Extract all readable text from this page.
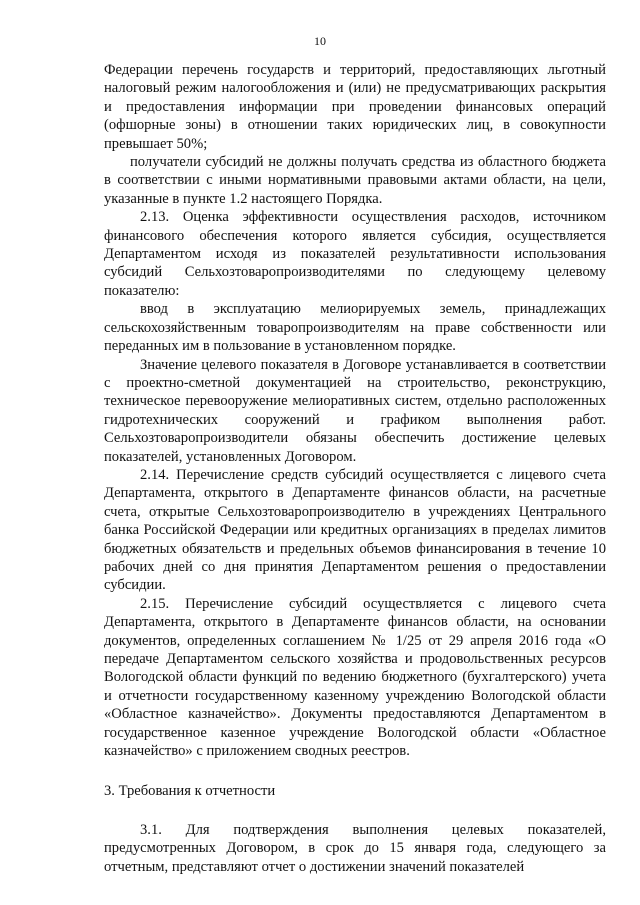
10

Федерации перечень государств и территорий, предоставляющих льготный налоговый режим налогообложения и (или) не предусматривающих раскрытия и предоставления информации при проведении финансовых операций (офшорные зоны) в отношении таких юридических лиц, в совокупности превышает 50%;

получатели субсидий не должны получать средства из областного бюджета в соответствии с иными нормативными правовыми актами области, на цели, указанные в пункте 1.2 настоящего Порядка.

2.13. Оценка эффективности осуществления расходов, источником финансового обеспечения которого является субсидия, осуществляется Департаментом исходя из показателей результативности использования субсидий Сельхозтоваропроизводителями по следующему целевому показателю:

ввод в эксплуатацию мелиорируемых земель, принадлежащих сельскохозяйственным товаропроизводителям на праве собственности или переданных им в пользование в установленном порядке.

Значение целевого показателя в Договоре устанавливается в соответствии с проектно-сметной документацией на строительство, реконструкцию, техническое перевооружение мелиоративных систем, отдельно расположенных гидротехнических сооружений и графиком выполнения работ. Сельхозтоваропроизводители обязаны обеспечить достижение целевых показателей, установленных Договором.

2.14. Перечисление средств субсидий осуществляется с лицевого счета Департамента, открытого в Департаменте финансов области, на расчетные счета, открытые Сельхозтоваропроизводителю в учреждениях Центрального банка Российской Федерации или кредитных организациях в пределах лимитов бюджетных обязательств и предельных объемов финансирования в течение 10 рабочих дней со дня принятия Департаментом решения о предоставлении субсидии.

2.15. Перечисление субсидий осуществляется с лицевого счета Департамента, открытого в Департаменте финансов области, на основании документов, определенных соглашением № 1/25 от 29 апреля 2016 года «О передаче Департаментом сельского хозяйства и продовольственных ресурсов Вологодской области функций по ведению бюджетного (бухгалтерского) учета и отчетности государственному казенному учреждению Вологодской области «Областное казначейство». Документы предоставляются Департаментом в государственное казенное учреждение Вологодской области «Областное казначейство» с приложением сводных реестров.

3. Требования к отчетности

3.1. Для подтверждения выполнения целевых показателей, предусмотренных Договором, в срок до 15 января года, следующего за отчетным, представляют отчет о достижении значений показателей
